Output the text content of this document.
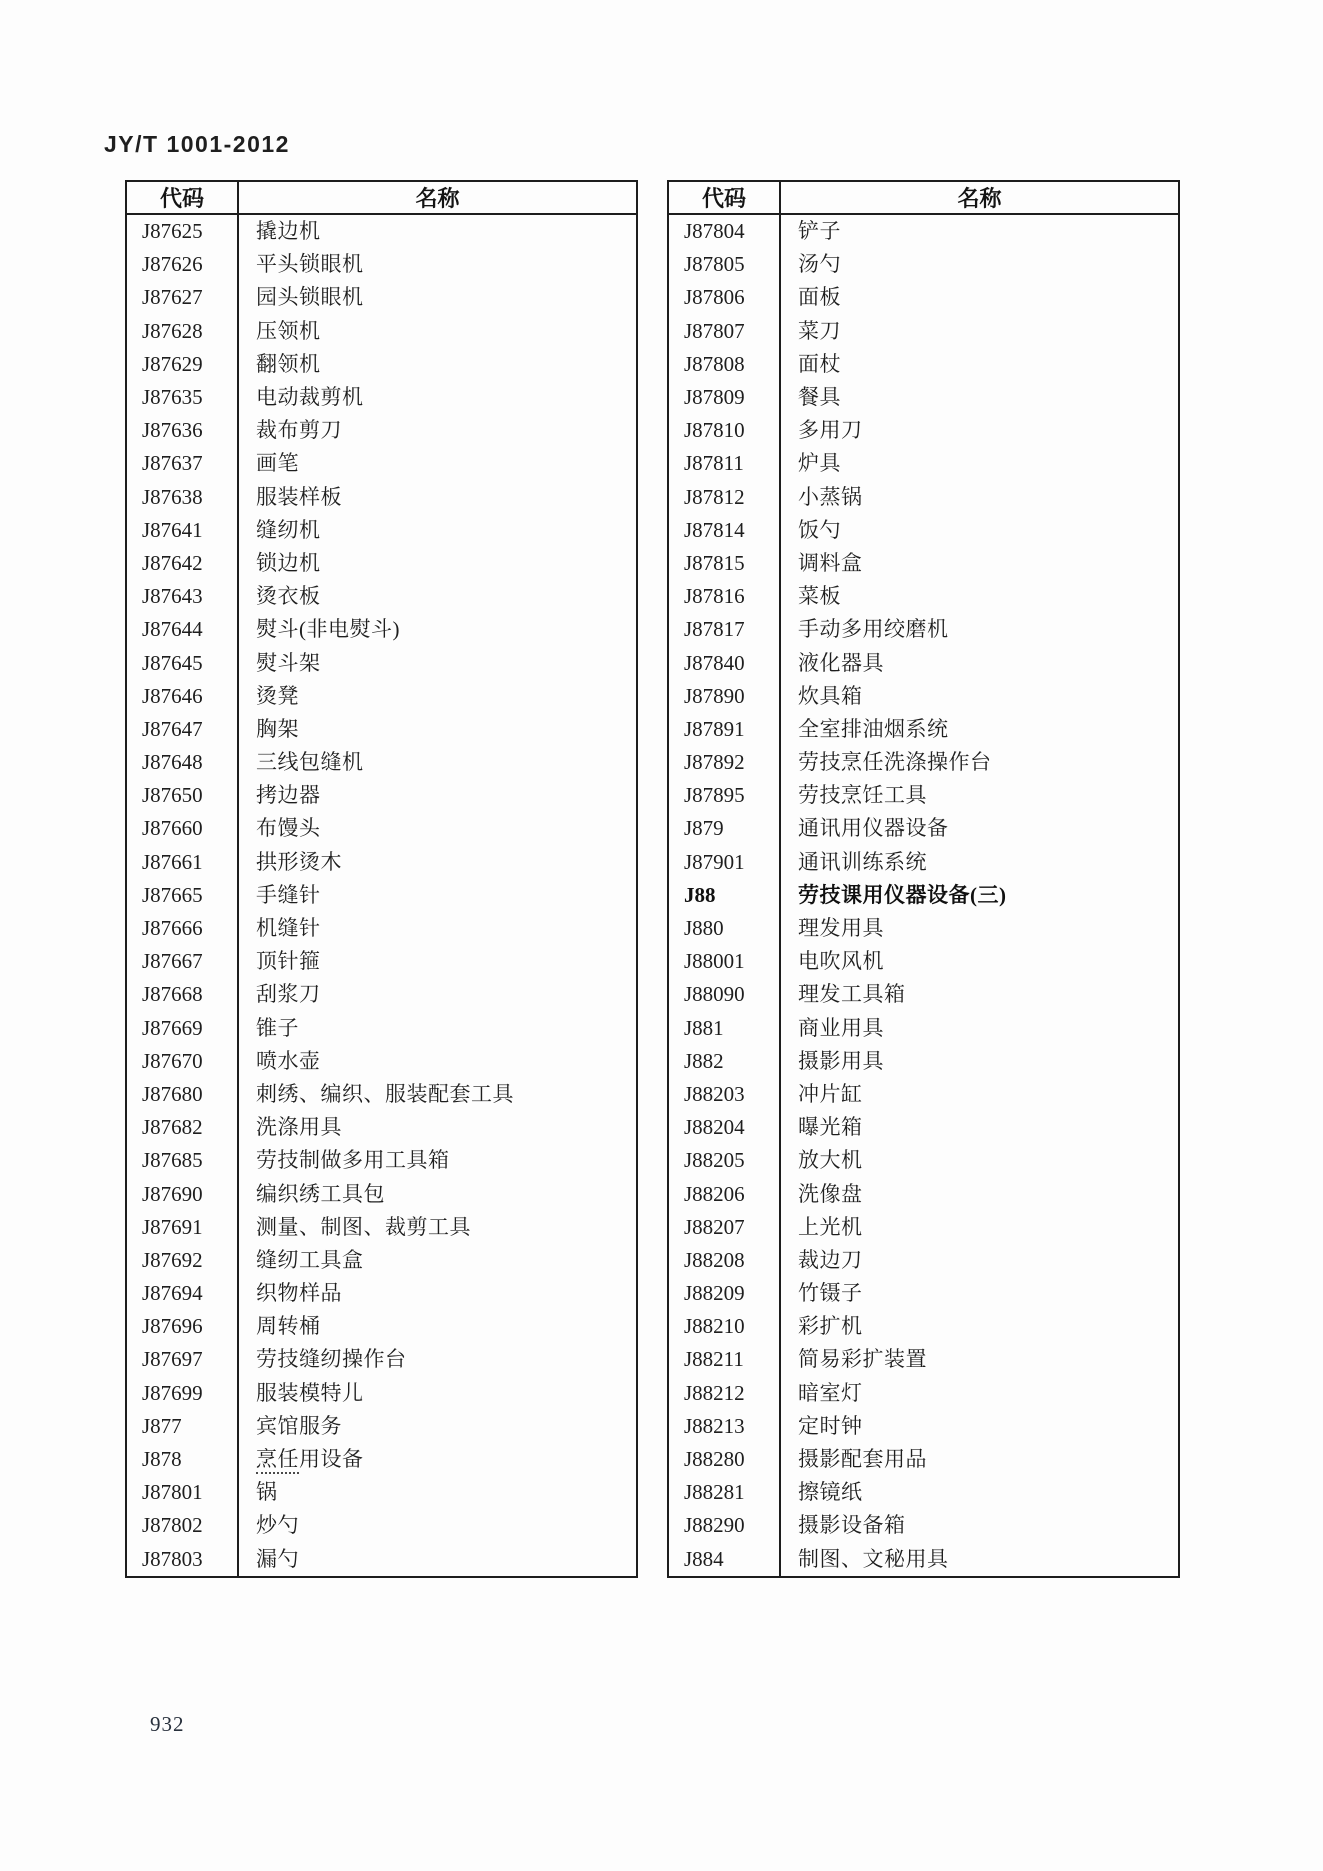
JY/T 1001-2012
代码	名称
J87625	撬边机
J87626	平头锁眼机
J87627	园头锁眼机
J87628	压领机
J87629	翻领机
J87635	电动裁剪机
J87636	裁布剪刀
J87637	画笔
J87638	服装样板
J87641	缝纫机
J87642	锁边机
J87643	烫衣板
J87644	熨斗(非电熨斗)
J87645	熨斗架
J87646	烫凳
J87647	胸架
J87648	三线包缝机
J87650	拷边器
J87660	布馒头
J87661	拱形烫木
J87665	手缝针
J87666	机缝针
J87667	顶针箍
J87668	刮浆刀
J87669	锥子
J87670	喷水壶
J87680	刺绣、编织、服装配套工具
J87682	洗涤用具
J87685	劳技制做多用工具箱
J87690	编织绣工具包
J87691	测量、制图、裁剪工具
J87692	缝纫工具盒
J87694	织物样品
J87696	周转桶
J87697	劳技缝纫操作台
J87699	服装模特儿
J877	宾馆服务
J878	烹任用设备
J87801	锅
J87802	炒勺
J87803	漏勺
代码	名称
J87804	铲子
J87805	汤勺
J87806	面板
J87807	菜刀
J87808	面杖
J87809	餐具
J87810	多用刀
J87811	炉具
J87812	小蒸锅
J87814	饭勺
J87815	调料盒
J87816	菜板
J87817	手动多用绞磨机
J87840	液化器具
J87890	炊具箱
J87891	全室排油烟系统
J87892	劳技烹任洗涤操作台
J87895	劳技烹饪工具
J879	通讯用仪器设备
J87901	通讯训练系统
J88	劳技课用仪器设备(三)
J880	理发用具
J88001	电吹风机
J88090	理发工具箱
J881	商业用具
J882	摄影用具
J88203	冲片缸
J88204	曝光箱
J88205	放大机
J88206	洗像盘
J88207	上光机
J88208	裁边刀
J88209	竹镊子
J88210	彩扩机
J88211	简易彩扩装置
J88212	暗室灯
J88213	定时钟
J88280	摄影配套用品
J88281	擦镜纸
J88290	摄影设备箱
J884	制图、文秘用具
932
